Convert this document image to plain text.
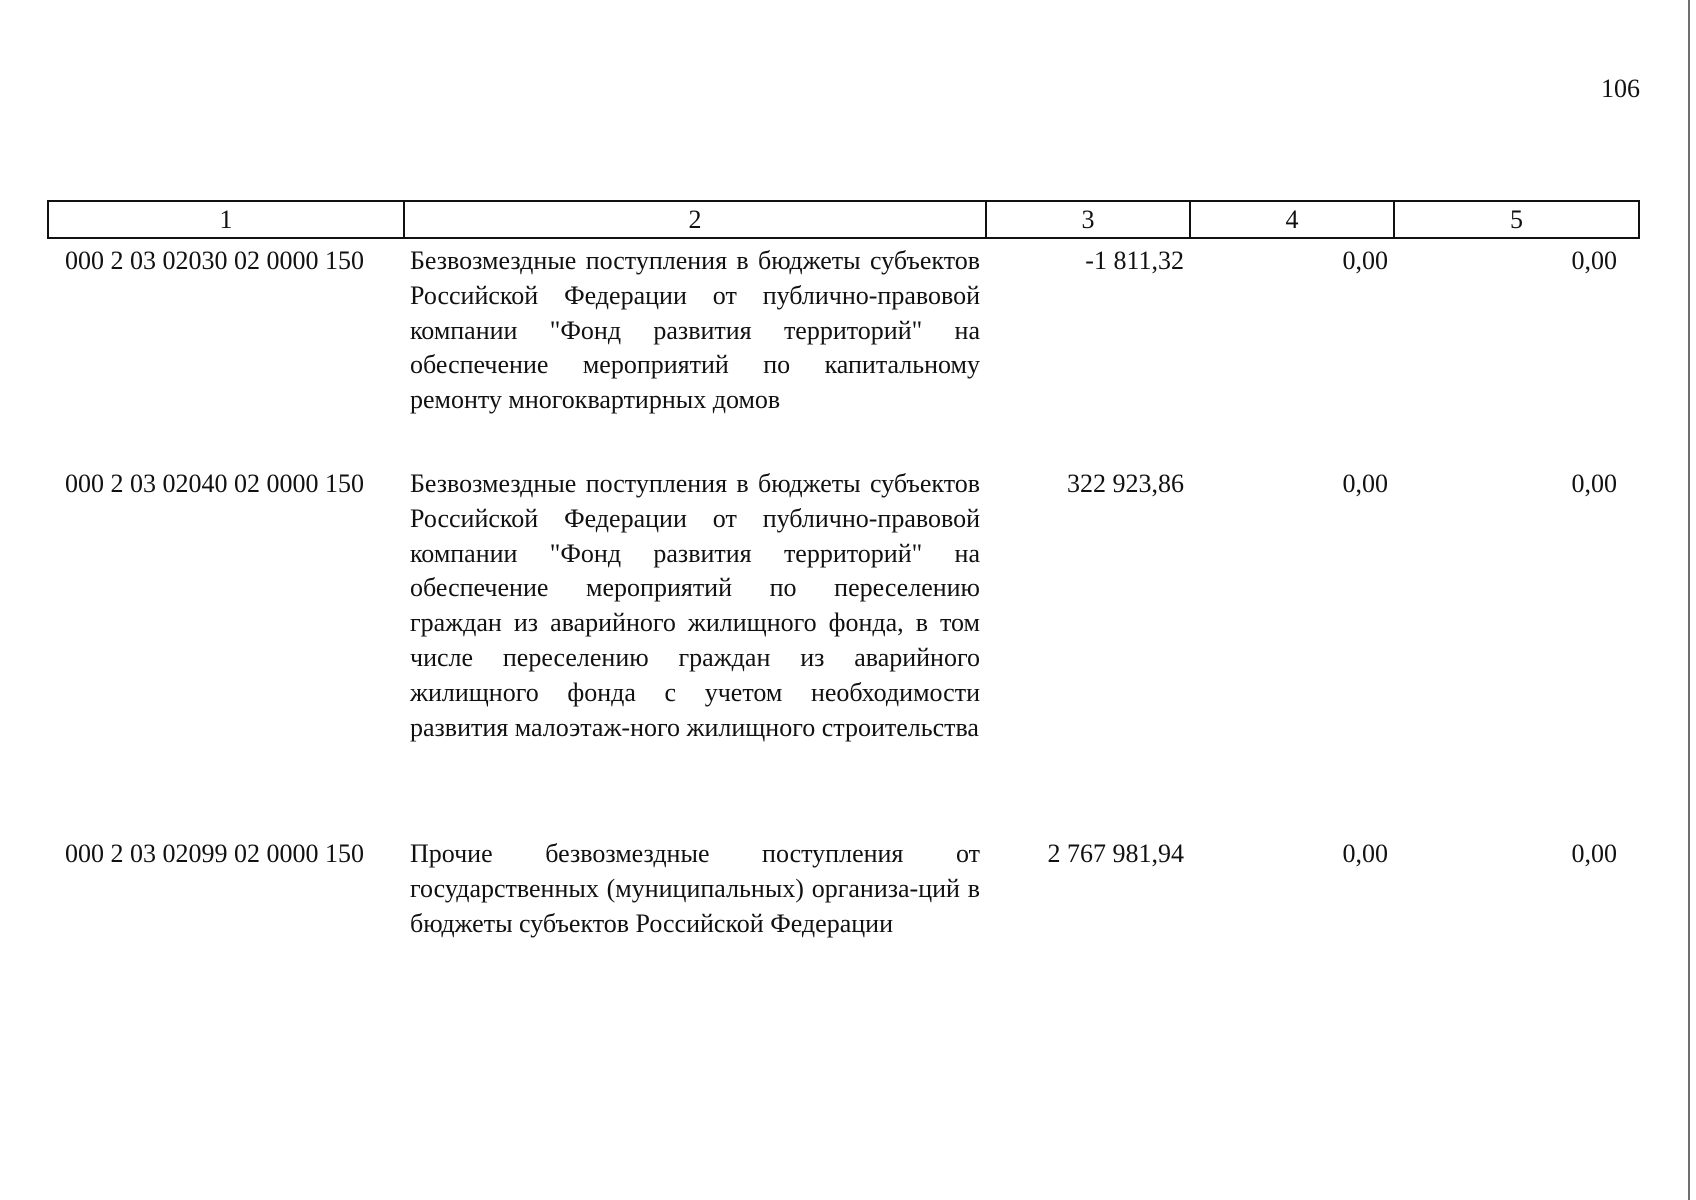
106
1	2	3	4	5
000 2 03 02030 02 0000 150	Безвозмездные поступления в бюджеты субъектов Российской Федерации от публично-правовой компании "Фонд развития территорий" на обеспечение мероприятий по капитальному ремонту многоквартирных домов	-1 811,32	0,00	0,00
000 2 03 02040 02 0000 150	Безвозмездные поступления в бюджеты субъектов Российской Федерации от публично-правовой компании "Фонд развития территорий" на обеспечение мероприятий по переселению граждан из аварийного жилищного фонда, в том числе переселению граждан из аварийного жилищного фонда с учетом необходимости развития малоэтаж-ного жилищного строительства	322 923,86	0,00	0,00
000 2 03 02099 02 0000 150	Прочие безвозмездные поступления от государственных (муниципальных) организа-ций в бюджеты субъектов Российской Федерации	2 767 981,94	0,00	0,00
